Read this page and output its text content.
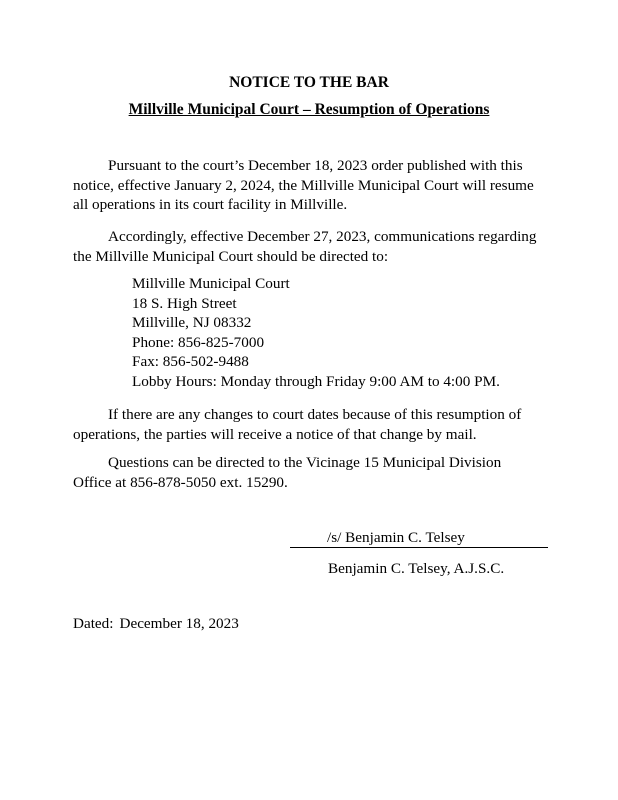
NOTICE TO THE BAR

Millville Municipal Court – Resumption of Operations

Pursuant to the court’s December 18, 2023 order published with this notice, effective January 2, 2024, the Millville Municipal Court will resume all operations in its court facility in Millville.

Accordingly, effective December 27, 2023, communications regarding the Millville Municipal Court should be directed to:

Millville Municipal Court
18 S. High Street
Millville, NJ 08332
Phone: 856-825-7000
Fax: 856-502-9488
Lobby Hours: Monday through Friday 9:00 AM to 4:00 PM.

If there are any changes to court dates because of this resumption of operations, the parties will receive a notice of that change by mail.

Questions can be directed to the Vicinage 15 Municipal Division Office at 856-878-5050 ext. 15290.

/s/ Benjamin C. Telsey

Benjamin C. Telsey, A.J.S.C.

Dated: December 18, 2023
